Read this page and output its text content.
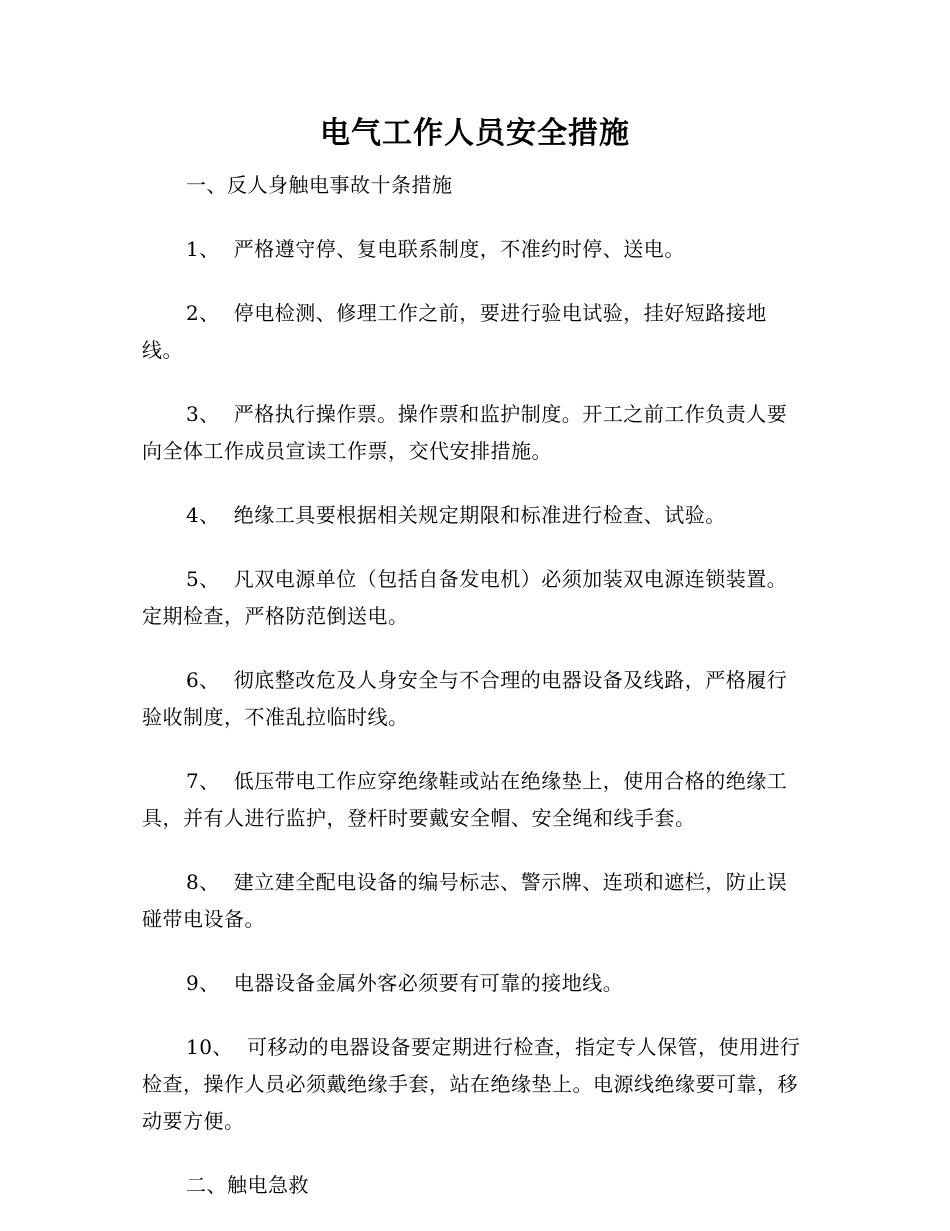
电气工作人员安全措施

一、反人身触电事故十条措施

1、 严格遵守停、复电联系制度，不准约时停、送电。

2、 停电检测、修理工作之前，要进行验电试验，挂好短路接地线。

3、 严格执行操作票。操作票和监护制度。开工之前工作负责人要向全体工作成员宣读工作票，交代安排措施。

4、 绝缘工具要根据相关规定期限和标准进行检查、试验。

5、 凡双电源单位（包括自备发电机）必须加装双电源连锁装置。定期检查，严格防范倒送电。

6、 彻底整改危及人身安全与不合理的电器设备及线路，严格履行验收制度，不准乱拉临时线。

7、 低压带电工作应穿绝缘鞋或站在绝缘垫上，使用合格的绝缘工具，并有人进行监护，登杆时要戴安全帽、安全绳和线手套。

8、 建立建全配电设备的编号标志、警示牌、连琐和遮栏，防止误碰带电设备。

9、 电器设备金属外客必须要有可靠的接地线。

10、 可移动的电器设备要定期进行检查，指定专人保管，使用进行检查，操作人员必须戴绝缘手套，站在绝缘垫上。电源线绝缘要可靠，移动要方便。

二、触电急救
